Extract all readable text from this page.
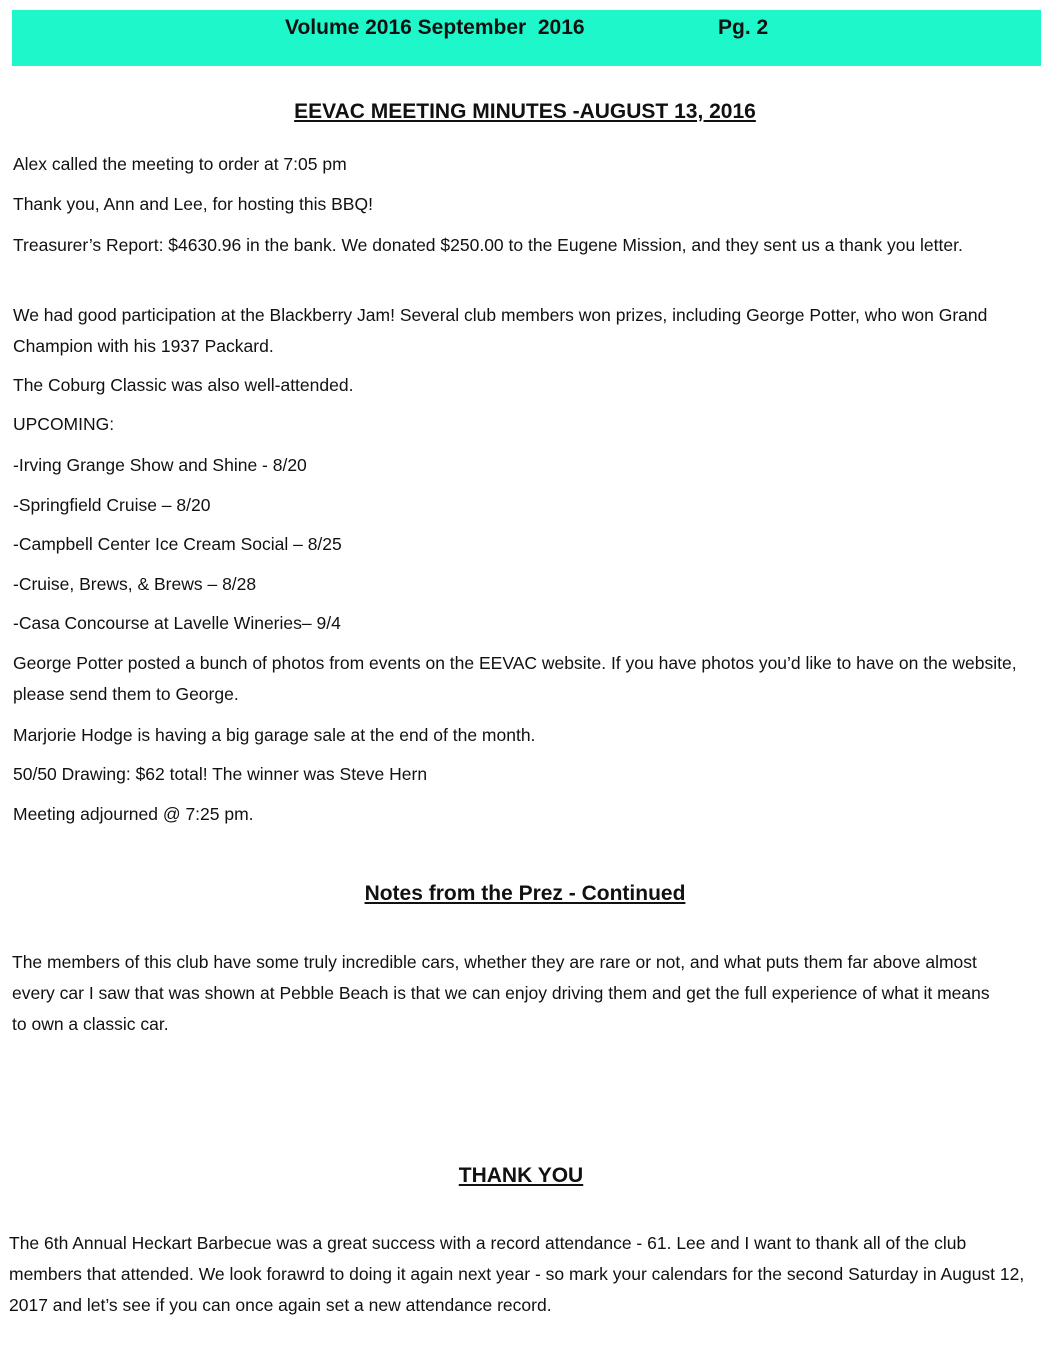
Volume 2016 September  2016	Pg. 2
EEVAC MEETING MINUTES -AUGUST 13, 2016

Alex called the meeting to order at 7:05 pm

Thank you, Ann and Lee, for hosting this BBQ!

Treasurer’s Report: $4630.96 in the bank. We donated $250.00 to the Eugene Mission, and they sent us a thank you letter.

We had good participation at the Blackberry Jam! Several club members won prizes, including George Potter, who won Grand Champion with his 1937 Packard.

The Coburg Classic was also well-attended.

UPCOMING:

-Irving Grange Show and Shine - 8/20

-Springfield Cruise – 8/20

-Campbell Center Ice Cream Social – 8/25

-Cruise, Brews, & Brews – 8/28

-Casa Concourse at Lavelle Wineries– 9/4

George Potter posted a bunch of photos from events on the EEVAC website. If you have photos you’d like to have on the website, please send them to George.

Marjorie Hodge is having a big garage sale at the end of the month.

50/50 Drawing: $62 total! The winner was Steve Hern

Meeting adjourned @ 7:25 pm.

Notes from the Prez - Continued

The members of this club have some truly incredible cars, whether they are rare or not, and what puts them far above almost every car I saw that was shown at Pebble Beach is that we can enjoy driving them and get the full experience of what it means to own a classic car.

THANK YOU

The 6th Annual Heckart Barbecue was a great success with a record attendance - 61. Lee and I want to thank all of the club members that attended. We look forawrd to doing it again next year - so mark your calendars for the second Saturday in August 12, 2017 and let’s see if you can once again set a new attendance record.
